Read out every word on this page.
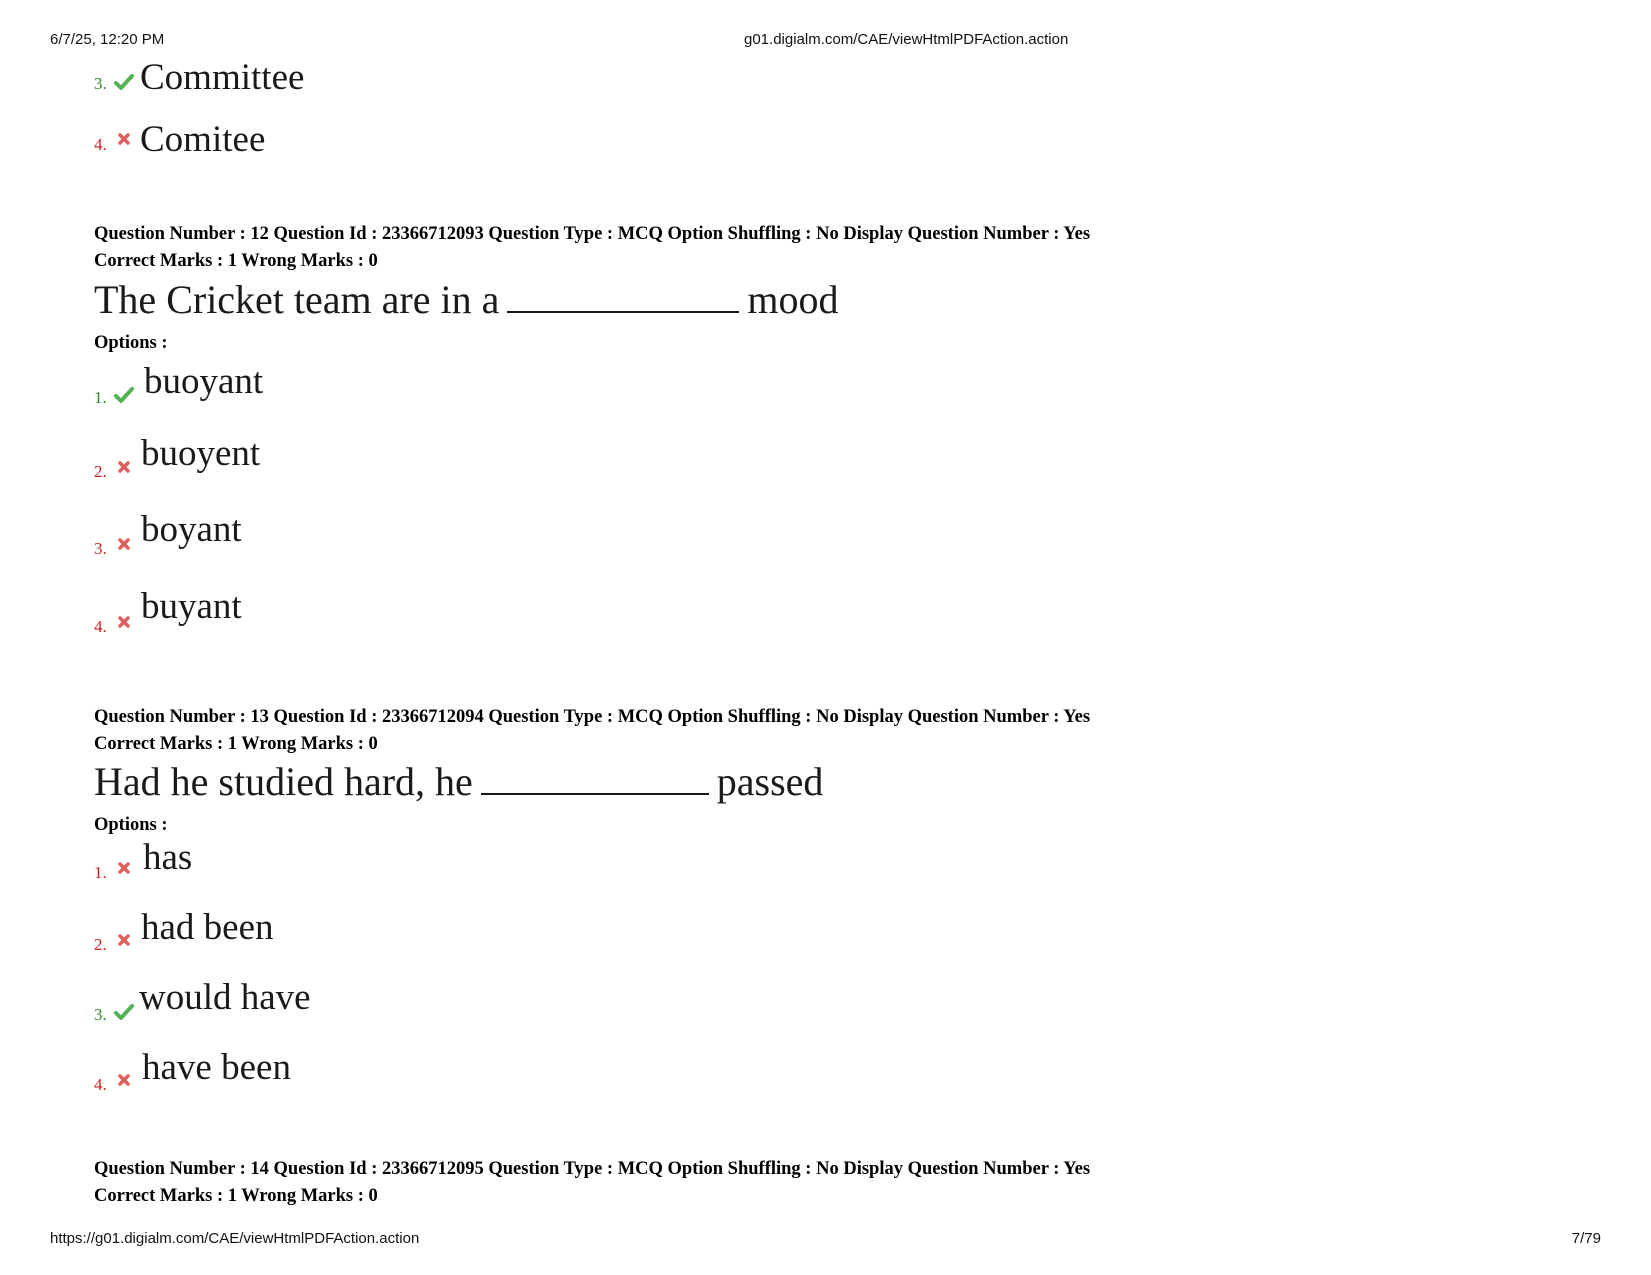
6/7/25, 12:20 PM	g01.digialm.com/CAE/viewHtmlPDFAction.action
3. Committee
4. Comitee
Question Number : 12 Question Id : 23366712093 Question Type : MCQ Option Shuffling : No Display Question Number : Yes
Correct Marks : 1 Wrong Marks : 0
The Cricket team are in a	mood
Options :
1. buoyant
2. buoyent
3. boyant
4. buyant
Question Number : 13 Question Id : 23366712094 Question Type : MCQ Option Shuffling : No Display Question Number : Yes
Correct Marks : 1 Wrong Marks : 0
Had he studied hard, he	passed
Options :
1. has
2. had been
3. would have
4. have been
Question Number : 14 Question Id : 23366712095 Question Type : MCQ Option Shuffling : No Display Question Number : Yes
Correct Marks : 1 Wrong Marks : 0
https://g01.digialm.com/CAE/viewHtmlPDFAction.action	7/79
